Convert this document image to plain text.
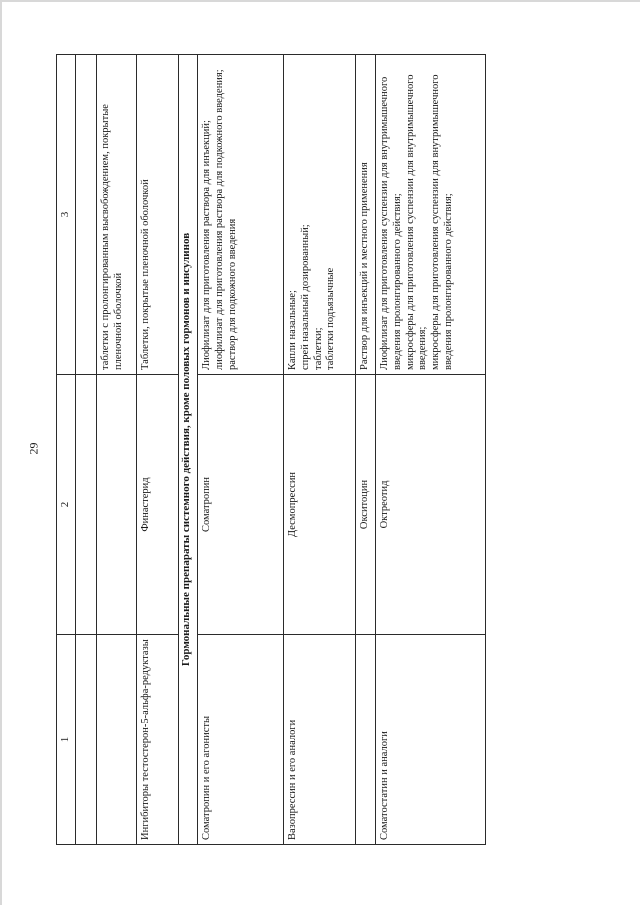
29
1	2	3

		таблетки с пролонгированным высвобождением, покрытые пленочной оболочкой

Ингибиторы тестостерон-5-альфа-редуктазы	Финастерид	Таблетки, покрытые пленочной оболочкой

Гормональные препараты системного действия, кроме половых гормонов и инсулинов		
Соматропин и его агонисты	Соматропин	Лиофилизат для приготовления раствора для инъекций; лиофилизат для приготовления раствора для подкожного введения; раствор для подкожного введения

Вазопрессин и его аналоги	Десмопрессин	Капли назальные; спрей назальный дозированный; таблетки; таблетки подъязычные

	Окситоцин	Раствор для инъекций и местного применения

Соматостатин и аналоги	Октреотид	Лиофилизат для приготовления суспензии для внутримышечного введения пролонгированного действия; микросферы для приготовления суспензии для внутримышечного введения; микросферы для приготовления суспензии для внутримышечного введения пролонгированного действия;
